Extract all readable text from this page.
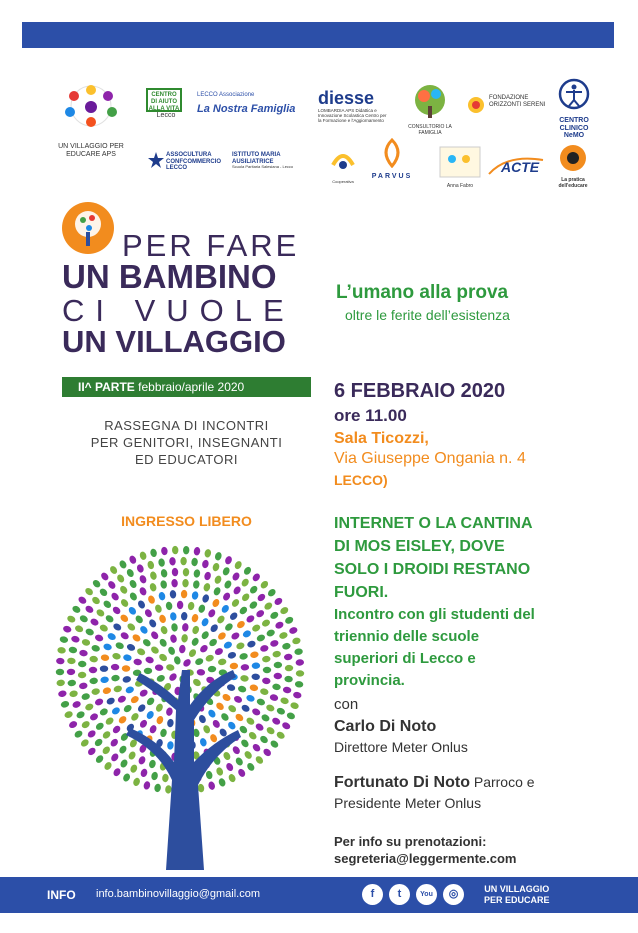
UN VILLAGGIO PER EDUCARE APS
CENTRO DI AIUTO ALLA VITA
Lecco
LECCO Associazione
La Nostra Famiglia
diesse
LOMBARDIA APS Didattica e Innovazione Scolastica Centro per la Formazione e l'Aggiornamento
CONSULTORIO LA FAMIGLIA
FONDAZIONE ORIZZONTI SERENI
CENTRO CLINICO NeMO
ASSOCULTURA CONFCOMMERCIO LECCO
ISTITUTO MARIA AUSILIATRICE
Scuola Paritaria Salesiana - Lecco
Cooperativa
PARVUS
Anna Fabro
ACTE
La pratica dell'educare
PER FARE
UN BAMBINO
CI VUOLE
UN VILLAGGIO
II^ PARTE febbraio/aprile 2020
RASSEGNA DI INCONTRI
PER GENITORI, INSEGNANTI
ED EDUCATORI
INGRESSO LIBERO
L’umano alla prova
oltre le ferite dell’esistenza
6 FEBBRAIO 2020
ore 11.00
Sala Ticozzi,
Via Giuseppe Ongania n. 4
LECCO)
INTERNET O LA CANTINA
DI MOS EISLEY, DOVE
SOLO I DROIDI RESTANO
FUORI.
Incontro con gli studenti del
triennio delle scuole
superiori di Lecco e
provincia.
con
Carlo Di Noto
Direttore Meter Onlus
Fortunato Di Noto Parroco e
Presidente Meter Onlus
Per info su prenotazioni:
segreteria@leggermente.com
INFO info.bambinovillaggio@gmail.com	f	t	You	◎	UN VILLAGGIO
PER EDUCARE
